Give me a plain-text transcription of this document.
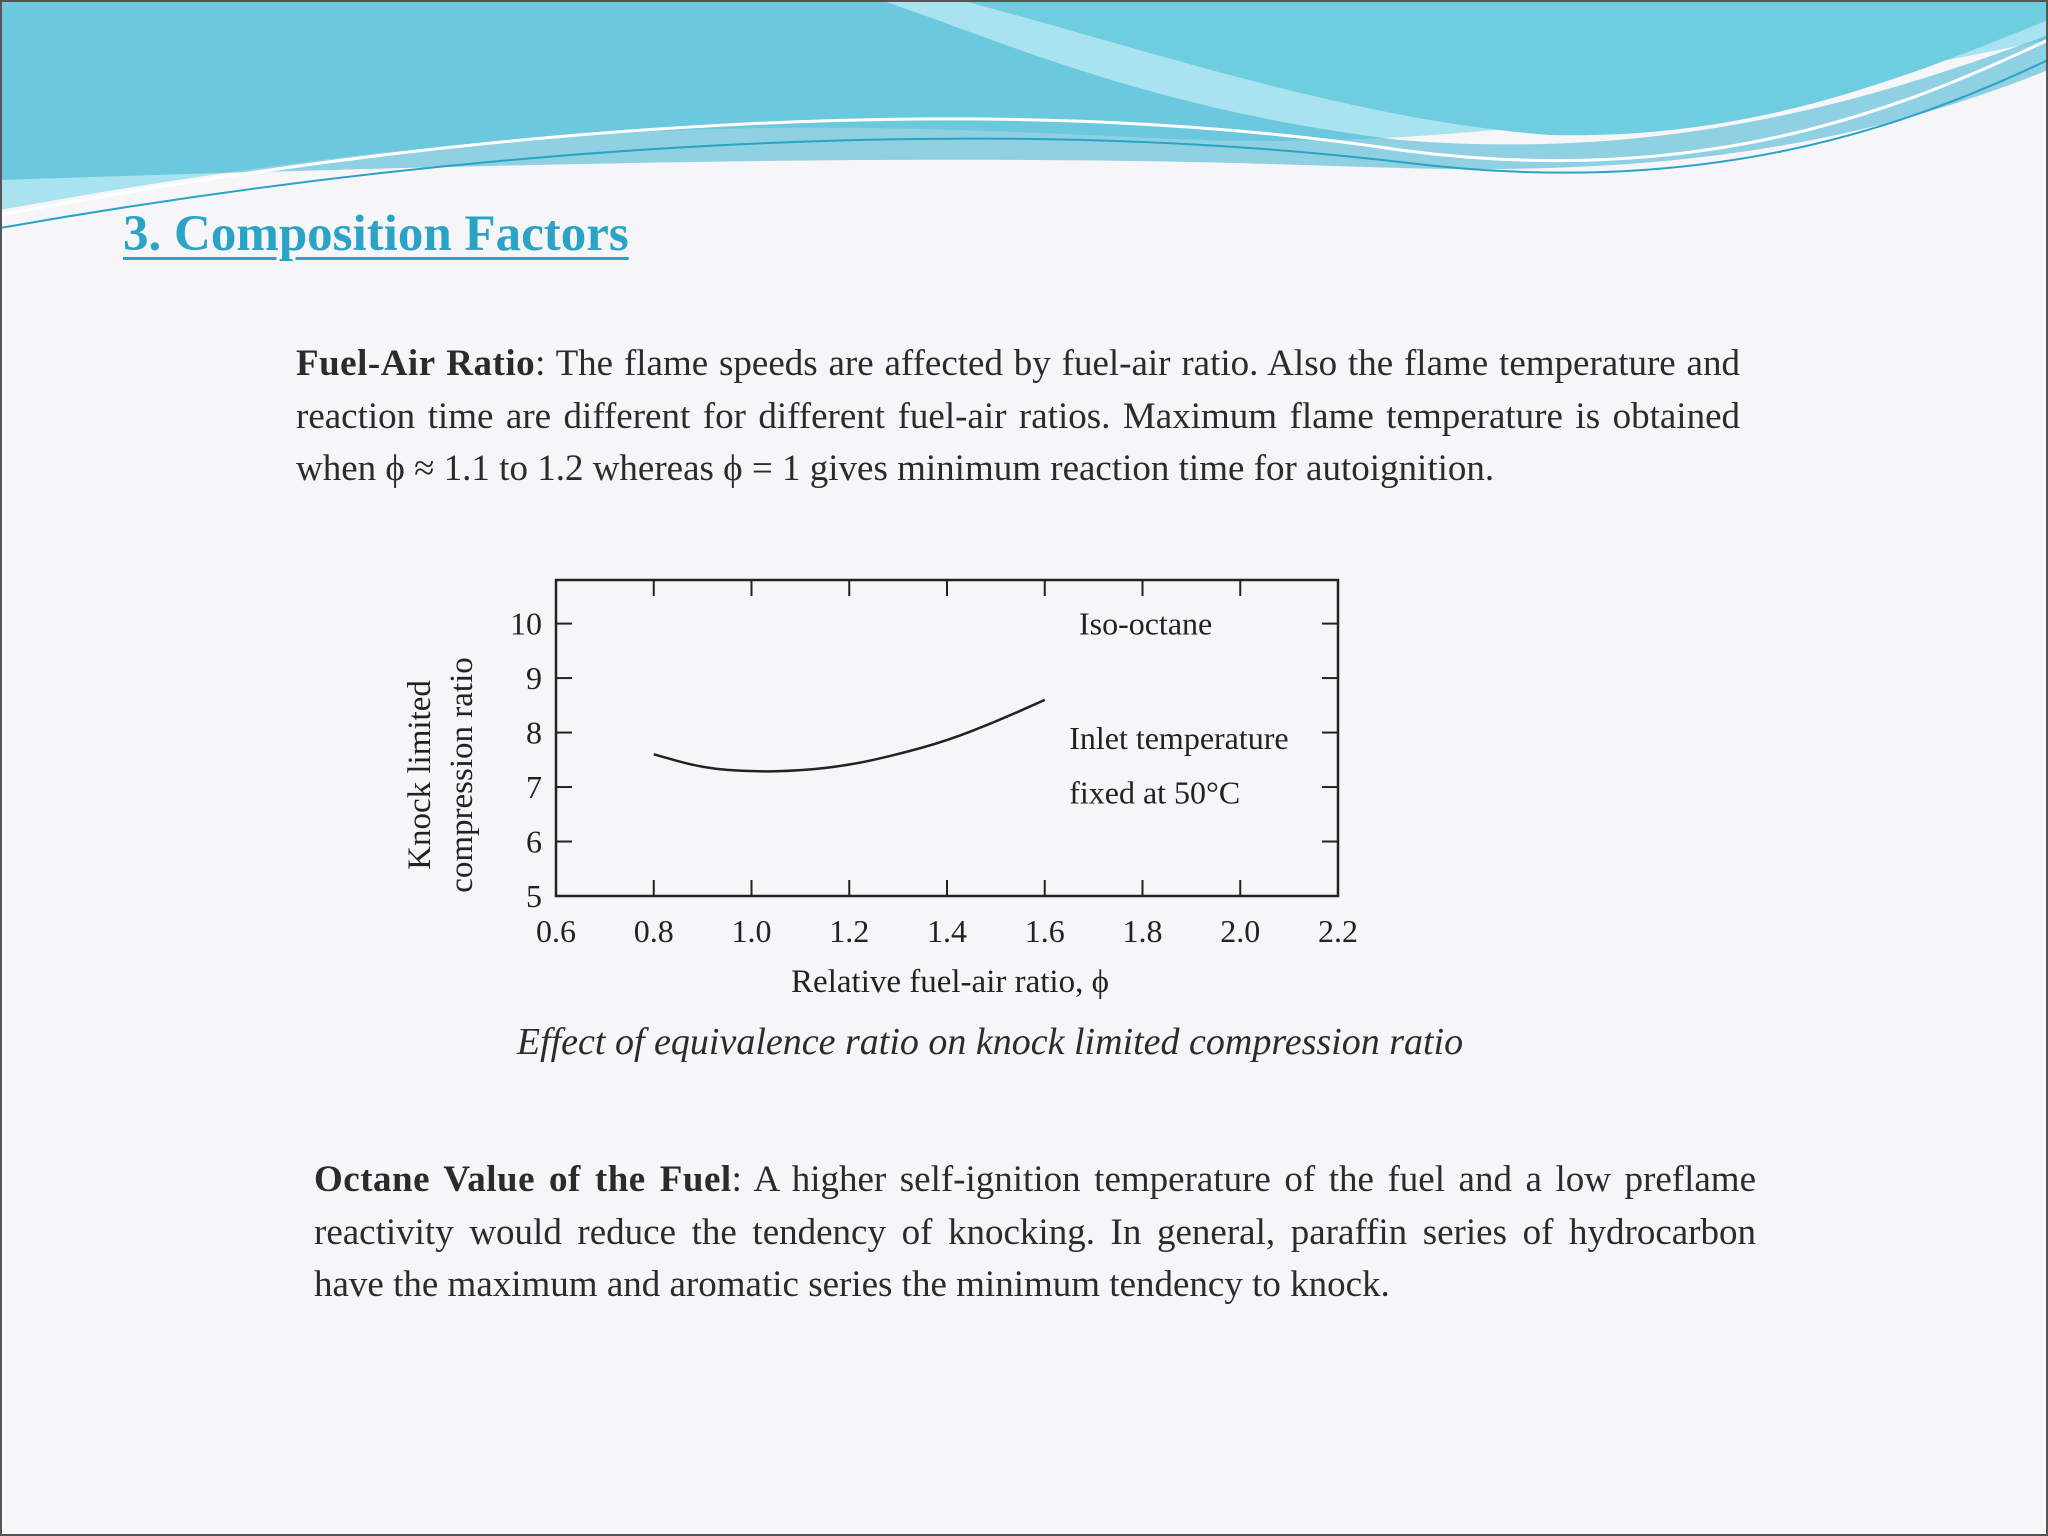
3. Composition Factors

Fuel-Air Ratio: The flame speeds are affected by fuel-air ratio. Also the flame temperature and reaction time are different for different fuel-air ratios. Maximum flame temperature is obtained when ϕ ≈ 1.1 to 1.2 whereas ϕ = 1 gives minimum reaction time for autoignition.

0.6 0.8 1.0 1.2 1.4 1.6 1.8 2.0 2.2
5
6
7
8
9
10	Iso-octane
Inlet temperature
fixed at 50°C
Relative fuel-air ratio, ϕ
Knock limited compression ratio

Effect of equivalence ratio on knock limited compression ratio

Octane Value of the Fuel: A higher self-ignition temperature of the fuel and a low preflame reactivity would reduce the tendency of knocking. In general, paraffin series of hydrocarbon have the maximum and aromatic series the minimum tendency to knock.
